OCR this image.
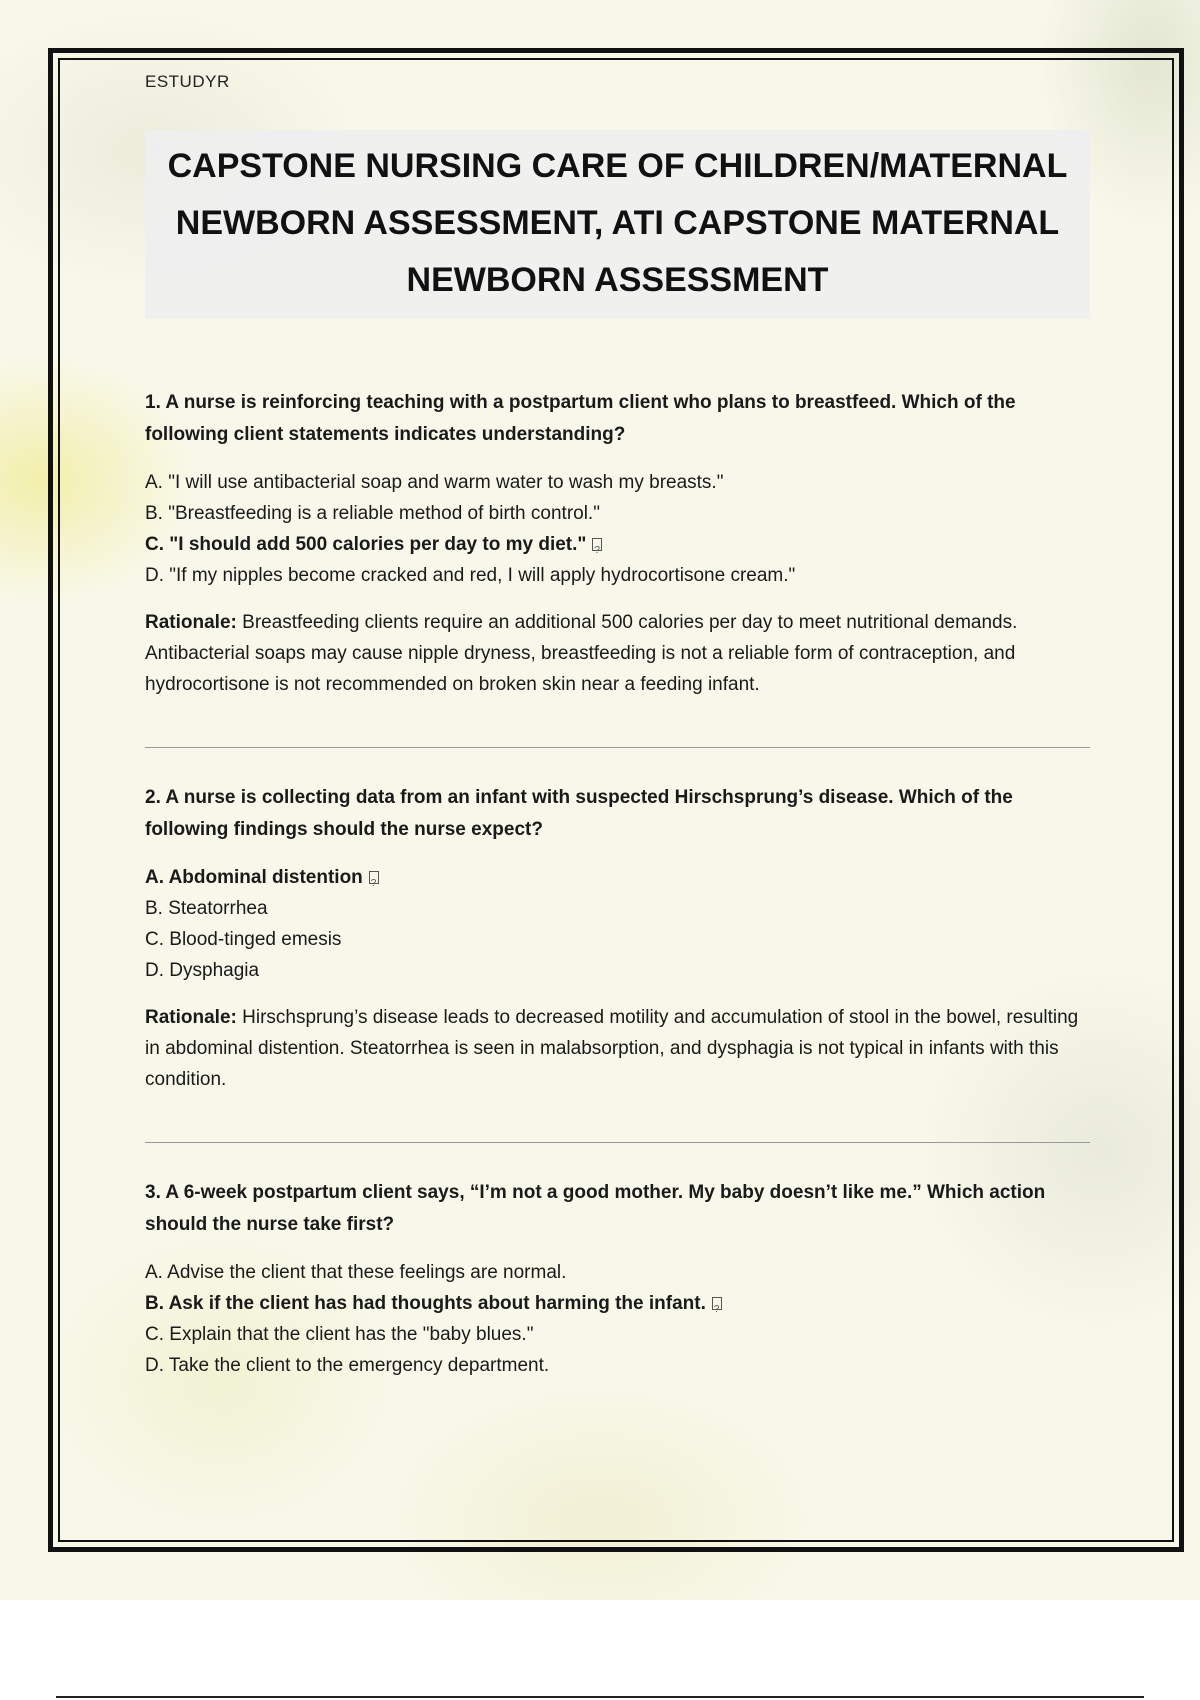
ESTUDYR
CAPSTONE NURSING CARE OF CHILDREN/MATERNAL
NEWBORN ASSESSMENT, ATI CAPSTONE MATERNAL
NEWBORN ASSESSMENT

1. A nurse is reinforcing teaching with a postpartum client who plans to breastfeed. Which of the following client statements indicates understanding?

A. "I will use antibacterial soap and warm water to wash my breasts."
B. "Breastfeeding is a reliable method of birth control."
C. "I should add 500 calories per day to my diet."?
D. "If my nipples become cracked and red, I will apply hydrocortisone cream."

Rationale: Breastfeeding clients require an additional 500 calories per day to meet nutritional demands. Antibacterial soaps may cause nipple dryness, breastfeeding is not a reliable form of contraception, and hydrocortisone is not recommended on broken skin near a feeding infant.

2. A nurse is collecting data from an infant with suspected Hirschsprung’s disease. Which of the following findings should the nurse expect?

A. Abdominal distention?
B. Steatorrhea
C. Blood-tinged emesis
D. Dysphagia

Rationale: Hirschsprung’s disease leads to decreased motility and accumulation of stool in the bowel, resulting in abdominal distention. Steatorrhea is seen in malabsorption, and dysphagia is not typical in infants with this condition.

3. A 6-week postpartum client says, “I’m not a good mother. My baby doesn’t like me.” Which action should the nurse take first?

A. Advise the client that these feelings are normal.
B. Ask if the client has had thoughts about harming the infant.?
C. Explain that the client has the "baby blues."
D. Take the client to the emergency department.
